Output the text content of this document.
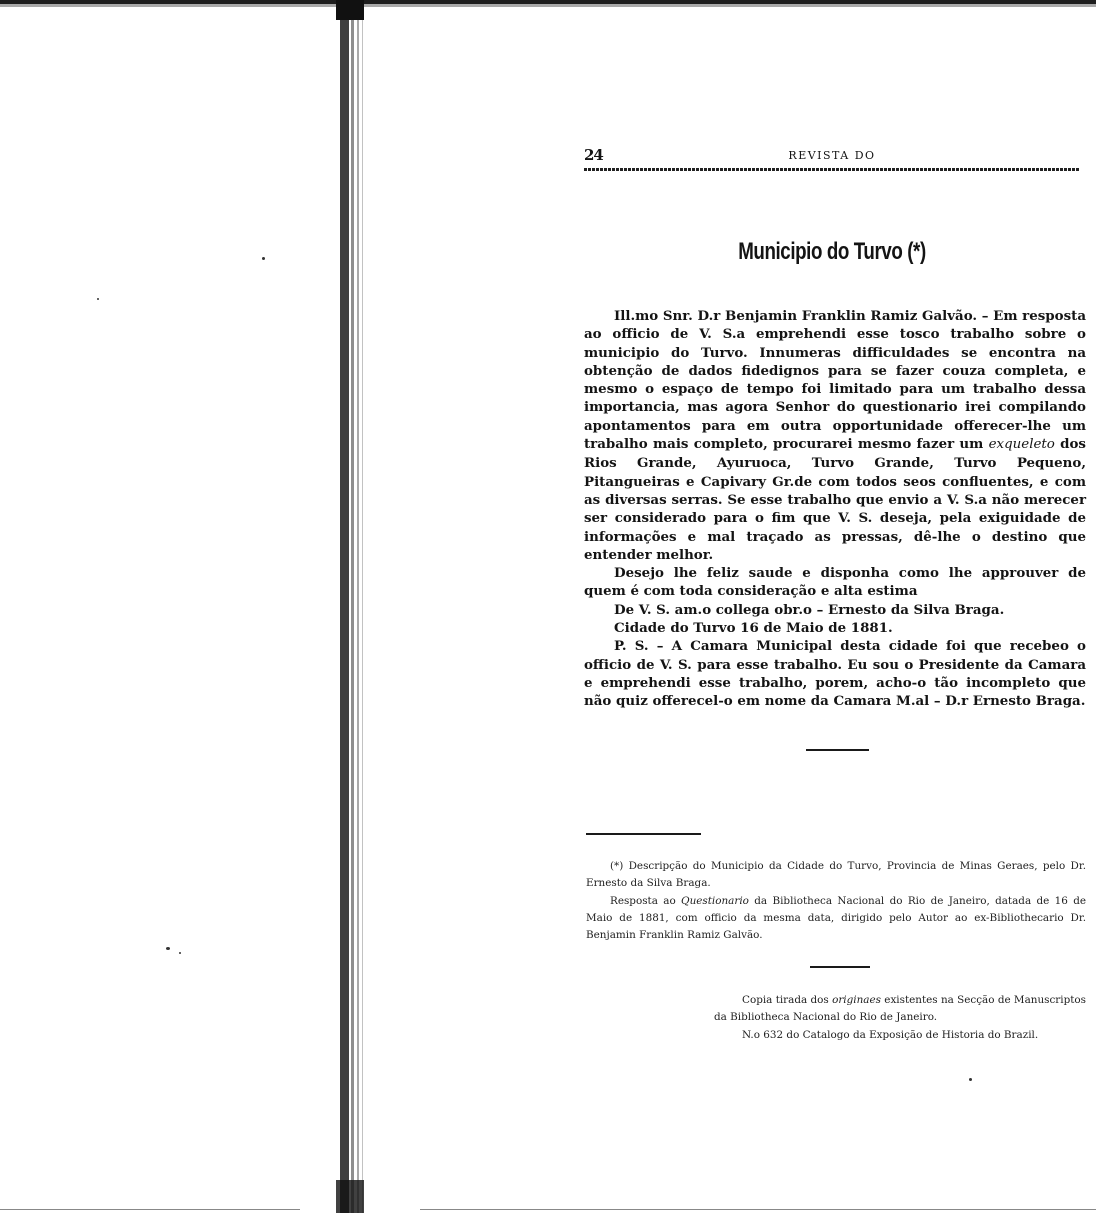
24	REVISTA DO
Municipio do Turvo (*)

Ill.mo Snr. D.r Benjamin Franklin Ramiz Galvão. – Em resposta ao officio de V. S.a emprehendi esse tosco trabalho sobre o municipio do Turvo. Innumeras difficuldades se encontra na obtenção de dados fidedignos para se fazer couza completa, e mesmo o espaço de tempo foi limitado para um trabalho dessa importancia, mas agora Senhor do questionario irei compilando apontamentos para em outra opportunidade offerecer-lhe um trabalho mais completo, procurarei mesmo fazer um exqueleto dos Rios Grande, Ayuruoca, Turvo Grande, Turvo Pequeno, Pitangueiras e Capivary Gr.de com todos seos confluentes, e com as diversas serras. Se esse trabalho que envio a V. S.a não merecer ser considerado para o fim que V. S. deseja, pela exiguidade de informações e mal traçado as pressas, dê-lhe o destino que entender melhor.

Desejo lhe feliz saude e disponha como lhe approuver de quem é com toda consideração e alta estima

De V. S. am.o collega obr.o – Ernesto da Silva Braga.

Cidade do Turvo 16 de Maio de 1881.

P. S. – A Camara Municipal desta cidade foi que recebeo o officio de V. S. para esse trabalho. Eu sou o Presidente da Camara e emprehendi esse trabalho, porem, acho-o tão incompleto que não quiz offerecel-o em nome da Camara M.al – D.r Ernesto Braga.

(*) Descripção do Municipio da Cidade do Turvo, Provincia de Minas Geraes, pelo Dr. Ernesto da Silva Braga.

Resposta ao Questionario da Bibliotheca Nacional do Rio de Janeiro, datada de 16 de Maio de 1881, com officio da mesma data, dirigido pelo Autor ao ex-Bibliothecario Dr. Benjamin Franklin Ramiz Galvão.

Copia tirada dos originaes existentes na Secção de Manuscriptos da Bibliotheca Nacional do Rio de Janeiro.

N.o 632 do Catalogo da Exposição de Historia do Brazil.
